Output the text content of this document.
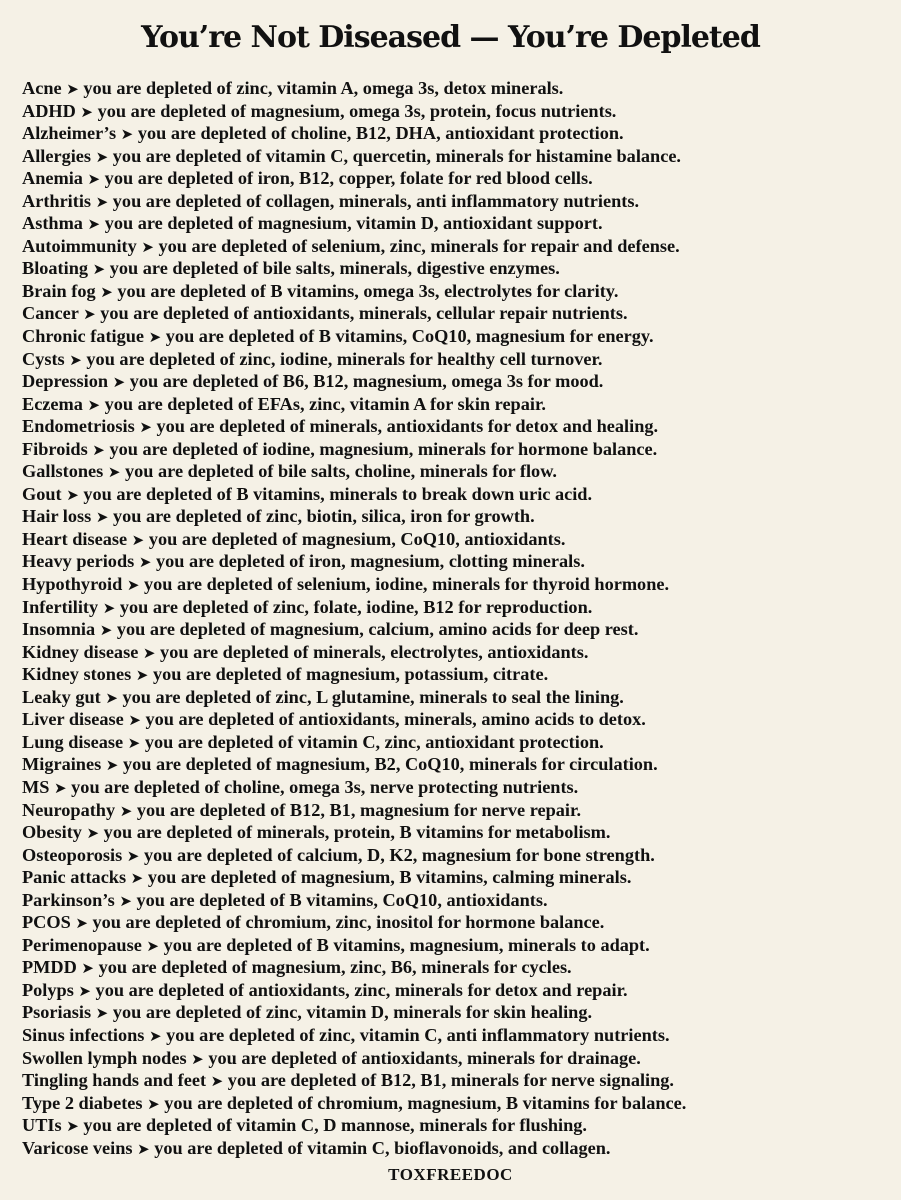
You’re Not Diseased — You’re Depleted
Acne ➤ you are depleted of zinc, vitamin A, omega 3s, detox minerals.
ADHD ➤ you are depleted of magnesium, omega 3s, protein, focus nutrients.
Alzheimer’s ➤ you are depleted of choline, B12, DHA, antioxidant protection.
Allergies ➤ you are depleted of vitamin C, quercetin, minerals for histamine balance.
Anemia ➤ you are depleted of iron, B12, copper, folate for red blood cells.
Arthritis ➤ you are depleted of collagen, minerals, anti inflammatory nutrients.
Asthma ➤ you are depleted of magnesium, vitamin D, antioxidant support.
Autoimmunity ➤ you are depleted of selenium, zinc, minerals for repair and defense.
Bloating ➤ you are depleted of bile salts, minerals, digestive enzymes.
Brain fog ➤ you are depleted of B vitamins, omega 3s, electrolytes for clarity.
Cancer ➤ you are depleted of antioxidants, minerals, cellular repair nutrients.
Chronic fatigue ➤ you are depleted of B vitamins, CoQ10, magnesium for energy.
Cysts ➤ you are depleted of zinc, iodine, minerals for healthy cell turnover.
Depression ➤ you are depleted of B6, B12, magnesium, omega 3s for mood.
Eczema ➤ you are depleted of EFAs, zinc, vitamin A for skin repair.
Endometriosis ➤ you are depleted of minerals, antioxidants for detox and healing.
Fibroids ➤ you are depleted of iodine, magnesium, minerals for hormone balance.
Gallstones ➤ you are depleted of bile salts, choline, minerals for flow.
Gout ➤ you are depleted of B vitamins, minerals to break down uric acid.
Hair loss ➤ you are depleted of zinc, biotin, silica, iron for growth.
Heart disease ➤ you are depleted of magnesium, CoQ10, antioxidants.
Heavy periods ➤ you are depleted of iron, magnesium, clotting minerals.
Hypothyroid ➤ you are depleted of selenium, iodine, minerals for thyroid hormone.
Infertility ➤ you are depleted of zinc, folate, iodine, B12 for reproduction.
Insomnia ➤ you are depleted of magnesium, calcium, amino acids for deep rest.
Kidney disease ➤ you are depleted of minerals, electrolytes, antioxidants.
Kidney stones ➤ you are depleted of magnesium, potassium, citrate.
Leaky gut ➤ you are depleted of zinc, L glutamine, minerals to seal the lining.
Liver disease ➤ you are depleted of antioxidants, minerals, amino acids to detox.
Lung disease ➤ you are depleted of vitamin C, zinc, antioxidant protection.
Migraines ➤ you are depleted of magnesium, B2, CoQ10, minerals for circulation.
MS ➤ you are depleted of choline, omega 3s, nerve protecting nutrients.
Neuropathy ➤ you are depleted of B12, B1, magnesium for nerve repair.
Obesity ➤ you are depleted of minerals, protein, B vitamins for metabolism.
Osteoporosis ➤ you are depleted of calcium, D, K2, magnesium for bone strength.
Panic attacks ➤ you are depleted of magnesium, B vitamins, calming minerals.
Parkinson’s ➤ you are depleted of B vitamins, CoQ10, antioxidants.
PCOS ➤ you are depleted of chromium, zinc, inositol for hormone balance.
Perimenopause ➤ you are depleted of B vitamins, magnesium, minerals to adapt.
PMDD ➤ you are depleted of magnesium, zinc, B6, minerals for cycles.
Polyps ➤ you are depleted of antioxidants, zinc, minerals for detox and repair.
Psoriasis ➤ you are depleted of zinc, vitamin D, minerals for skin healing.
Sinus infections ➤ you are depleted of zinc, vitamin C, anti inflammatory nutrients.
Swollen lymph nodes ➤ you are depleted of antioxidants, minerals for drainage.
Tingling hands and feet ➤ you are depleted of B12, B1, minerals for nerve signaling.
Type 2 diabetes ➤ you are depleted of chromium, magnesium, B vitamins for balance.
UTIs ➤ you are depleted of vitamin C, D mannose, minerals for flushing.
Varicose veins ➤ you are depleted of vitamin C, bioflavonoids, and collagen.
TOXFREEDOC
